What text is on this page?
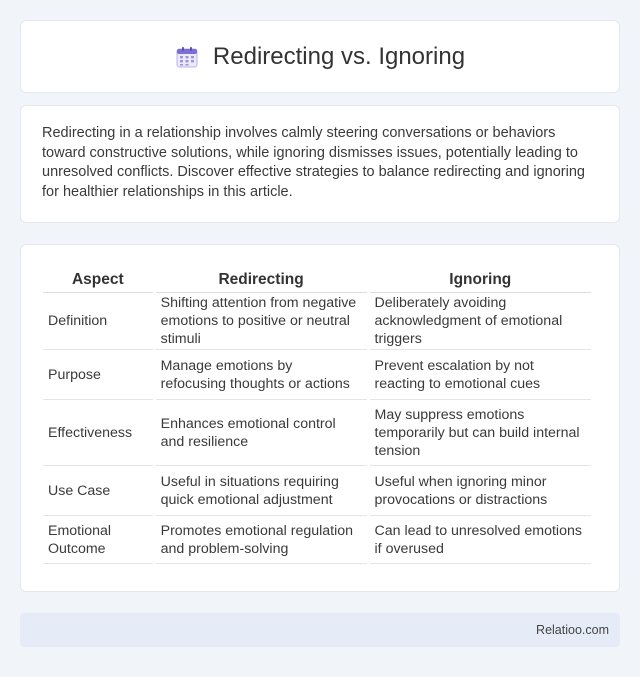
Redirecting vs. Ignoring

Redirecting in a relationship involves calmly steering conversations or behaviors toward constructive solutions, while ignoring dismisses issues, potentially leading to unresolved conflicts. Discover effective strategies to balance redirecting and ignoring for healthier relationships in this article.

Aspect	Redirecting	Ignoring
Definition	Shifting attention from negative emotions to positive or neutral stimuli	Deliberately avoiding acknowledgment of emotional triggers
Purpose	Manage emotions by refocusing thoughts or actions	Prevent escalation by not reacting to emotional cues
Effectiveness	Enhances emotional control and resilience	May suppress emotions temporarily but can build internal tension
Use Case	Useful in situations requiring quick emotional adjustment	Useful when ignoring minor provocations or distractions
Emotional Outcome	Promotes emotional regulation and problem-solving	Can lead to unresolved emotions if overused
Relatioo.com
